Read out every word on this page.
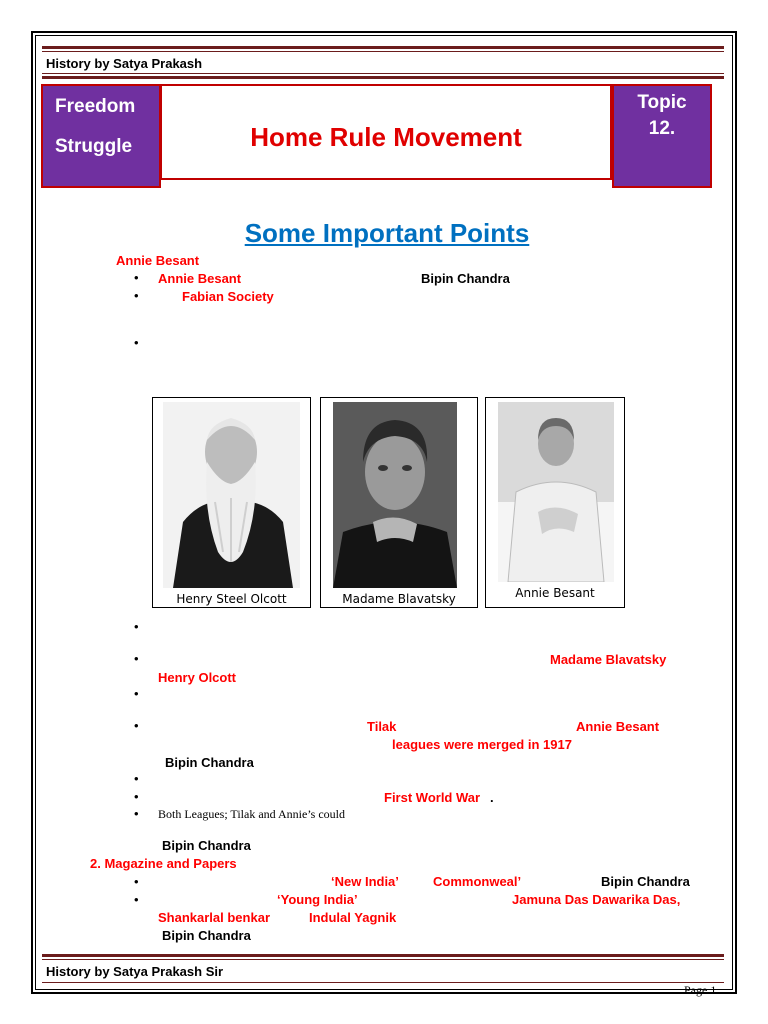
History by Satya Prakash
Freedom
Struggle	Home Rule Movement
Topic
12.
Some Important Points
Annie Besant
• Annie Besant	Bipin Chandra
•	Fabian Society
•
Henry Steel Olcott	Madame Blavatsky	Annie Besant
•
•	Madame Blavatsky
Henry Olcott
•
•	Tilak	Annie Besant
leagues were merged in 1917
Bipin Chandra
•
•	First World War .
• Both Leagues; Tilak and Annie’s could
Bipin Chandra
2. Magazine and Papers
•	‘New India’	Commonweal’	Bipin Chandra
•	‘Young India’	Jamuna Das Dawarika Das,
Shankarlal benkar	Indulal Yagnik
Bipin Chandra
History by Satya Prakash Sir
Page 1
